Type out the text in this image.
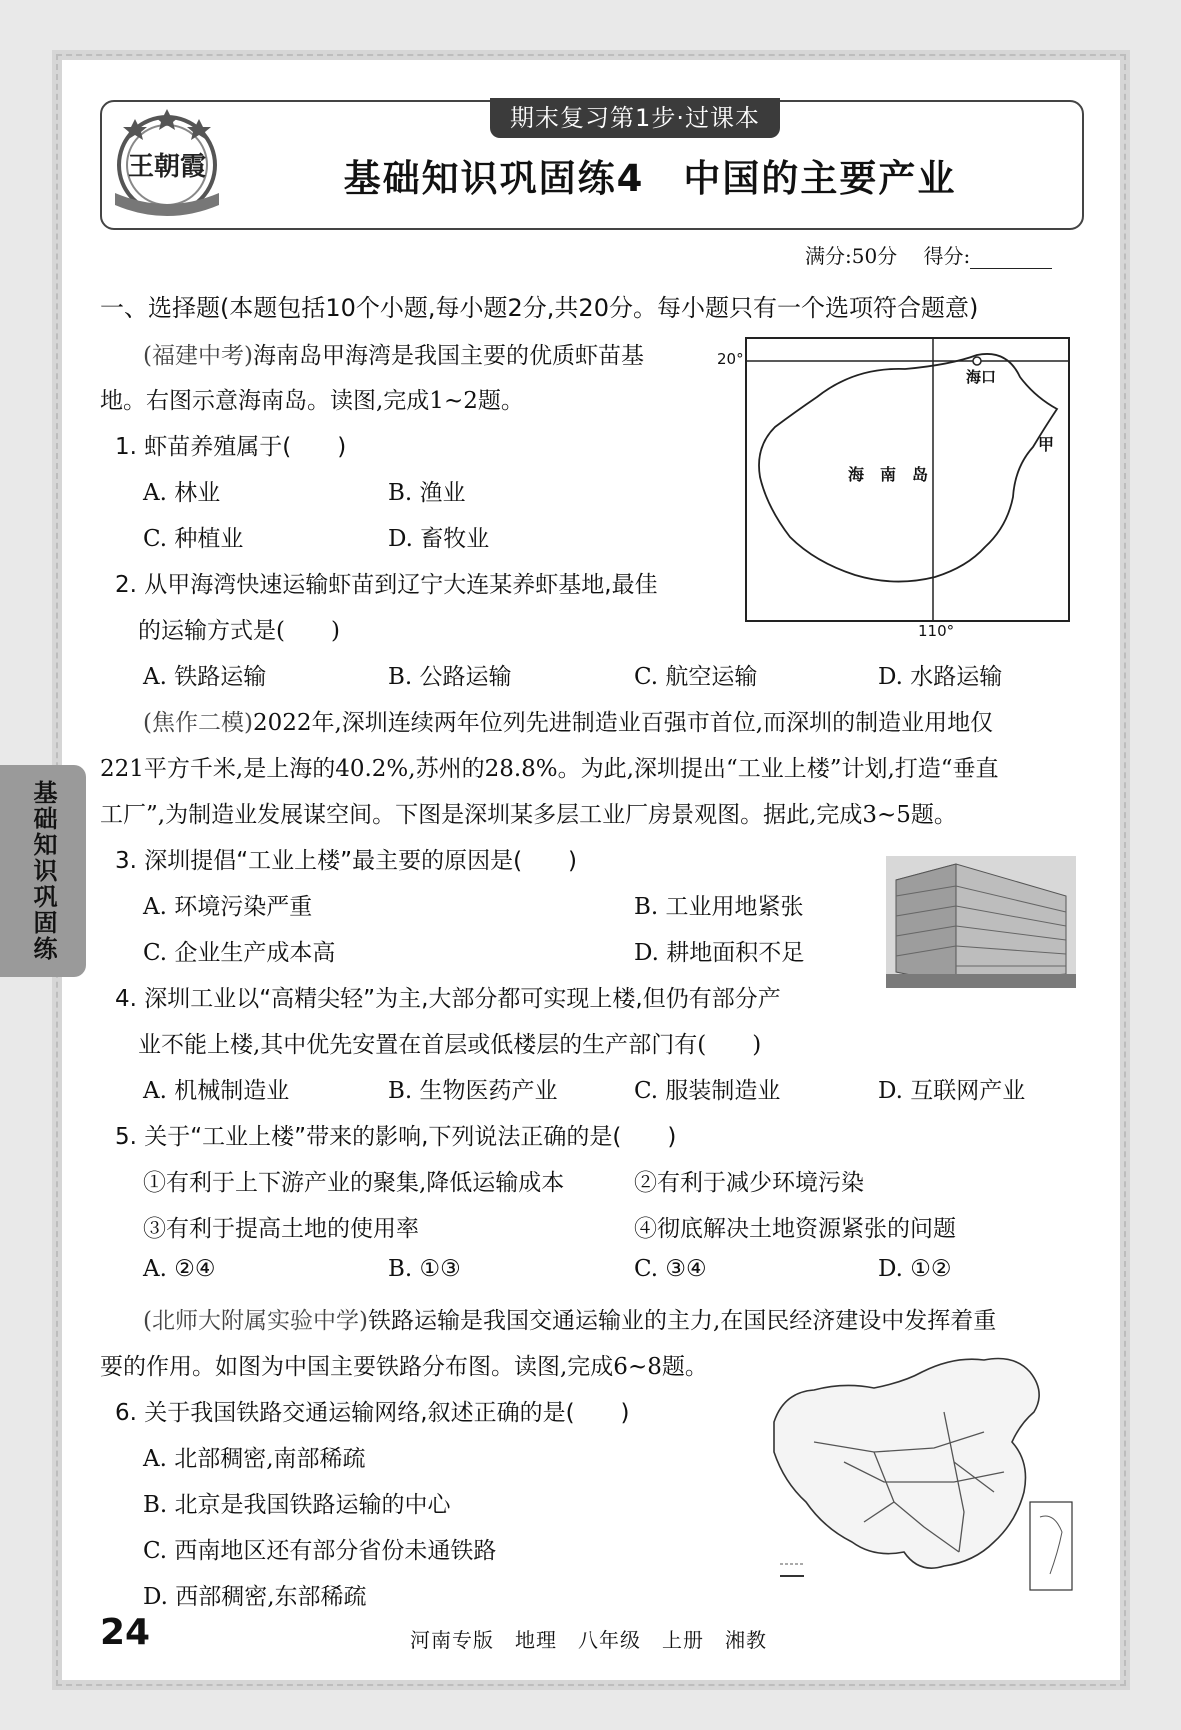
王朝霞
期末复习第1步·过课本
基础知识巩固练4　中国的主要产业
满分:50分　 得分:
基础知识巩固练
一、选择题(本题包括10个小题,每小题2分,共20分。每小题只有一个选项符合题意)
(福建中考)海南岛甲海湾是我国主要的优质虾苗基
地。右图示意海南岛。读图,完成1~2题。
20°
海口
甲
海　南　岛
110°
1. 虾苗养殖属于(　　)
A. 林业	B. 渔业
C. 种植业	D. 畜牧业
2. 从甲海湾快速运输虾苗到辽宁大连某养虾基地,最佳
的运输方式是(　　)
A. 铁路运输	B. 公路运输	C. 航空运输	D. 水路运输
(焦作二模)2022年,深圳连续两年位列先进制造业百强市首位,而深圳的制造业用地仅
221平方千米,是上海的40.2%,苏州的28.8%。为此,深圳提出“工业上楼”计划,打造“垂直
工厂”,为制造业发展谋空间。下图是深圳某多层工业厂房景观图。据此,完成3~5题。
3. 深圳提倡“工业上楼”最主要的原因是(　　)
A. 环境污染严重	B. 工业用地紧张
C. 企业生产成本高	D. 耕地面积不足
4. 深圳工业以“高精尖轻”为主,大部分都可实现上楼,但仍有部分产
业不能上楼,其中优先安置在首层或低楼层的生产部门有(　　)
A. 机械制造业	B. 生物医药产业	C. 服装制造业	D. 互联网产业
5. 关于“工业上楼”带来的影响,下列说法正确的是(　　)
①有利于上下游产业的聚集,降低运输成本	②有利于减少环境污染
③有利于提高土地的使用率	④彻底解决土地资源紧张的问题
A. ②④	B. ①③	C. ③④	D. ①②
(北师大附属实验中学)铁路运输是我国交通运输业的主力,在国民经济建设中发挥着重
要的作用。如图为中国主要铁路分布图。读图,完成6~8题。
6. 关于我国铁路交通运输网络,叙述正确的是(　　)
A. 北部稠密,南部稀疏
B. 北京是我国铁路运输的中心
C. 西南地区还有部分省份未通铁路
D. 西部稠密,东部稀疏
24	河南专版　地理　八年级　上册　湘教
